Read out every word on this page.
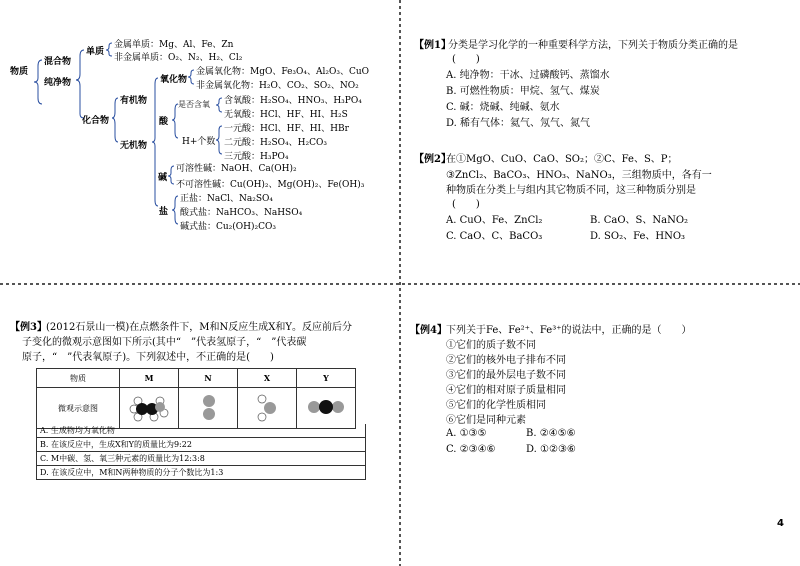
物质
混合物
纯净物
单质
金属单质：Mg、Al、Fe、Zn
非金属单质：O₂、N₂、H₂、Cl₂
化合物
有机物
无机物
氧化物
金属氧化物：MgO、Fe₃O₄、Al₂O₃、CuO
非金属氧化物：H₂O、CO₂、SO₂、NO₂
酸
是否含氧 含氧酸：H₂SO₄、HNO₃、H₃PO₄
无氧酸：HCl、HF、HI、H₂S
H+个数
一元酸：HCl、HF、HI、HBr
二元酸：H₂SO₄、H₂CO₃
三元酸：H₃PO₄
碱
可溶性碱：NaOH、Ca(OH)₂
不可溶性碱：Cu(OH)₂、Mg(OH)₂、Fe(OH)₃
盐
正盐：NaCl、Na₂SO₄
酸式盐：NaHCO₃、NaHSO₄
碱式盐：Cu₂(OH)₂CO₃
【例1】
分类是学习化学的一种重要科学方法，下列关于物质分类正确的是
(　　)
A. 纯净物：干冰、过磷酸钙、蒸馏水
B. 可燃性物质：甲烷、氢气、煤炭
C. 碱：烧碱、纯碱、氨水
D. 稀有气体：氦气、氖气、氮气
【例2】
在①MgO、CuO、CaO、SO₂；②C、Fe、S、P；
③ZnCl₂、BaCO₃、HNO₃、NaNO₃，三组物质中，各有一
种物质在分类上与组内其它物质不同，这三种物质分别是
(　　)
A. CuO、Fe、ZnCl₂	B. CaO、S、NaNO₂
C. CaO、C、BaCO₃	D. SO₂、Fe、HNO₃
【例3】 (2012石景山一模)在点燃条件下，M和N反应生成X和Y。反应前后分
子变化的微观示意图如下所示(其中“　”代表氢原子，“　”代表碳
原子，“　”代表氧原子)。下列叙述中，不正确的是(　　)
物质	M	N	X	Y
微观示意图				
A. 生成物均为氧化物
B. 在该反应中，生成X和Y的质量比为9:22
C. M中碳、氢、氧三种元素的质量比为12:3:8
D. 在该反应中，M和N两种物质的分子个数比为1:3
【例4】 下列关于Fe、Fe²⁺、Fe³⁺的说法中，正确的是（　　）
①它们的质子数不同
②它们的核外电子排布不同
③它们的最外层电子数不同
④它们的相对原子质量相同
⑤它们的化学性质相同
⑥它们是同种元素
A. ①③⑤	B. ②④⑤⑥
C. ②③④⑥	D. ①②③⑥
4
